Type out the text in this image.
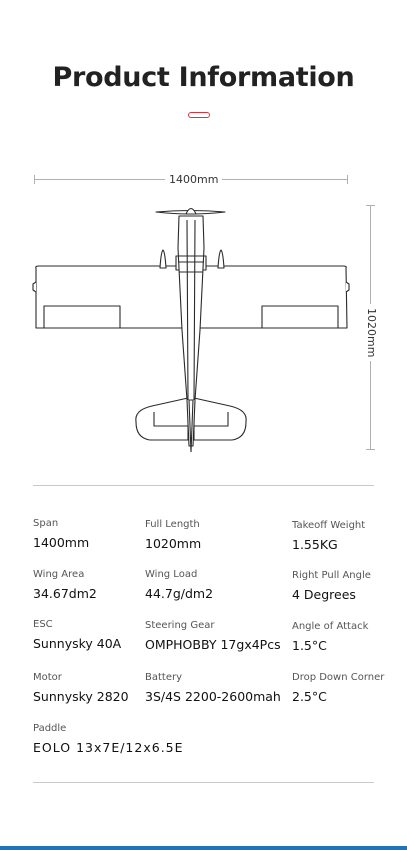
Product Information
1400mm
1020mm
Span
1400mm
Full Length
1020mm
Takeoff Weight
1.55KG
Wing Area
34.67dm2
Wing Load
44.7g/dm2
Right Pull Angle
4 Degrees
ESC
Sunnysky 40A
Steering Gear
OMPHOBBY 17gx4Pcs
Angle of Attack
1.5°C
Motor
Sunnysky 2820
Battery
3S/4S 2200-2600mah
Drop Down Corner
2.5°C
Paddle
EOLO 13x7E/12x6.5E
